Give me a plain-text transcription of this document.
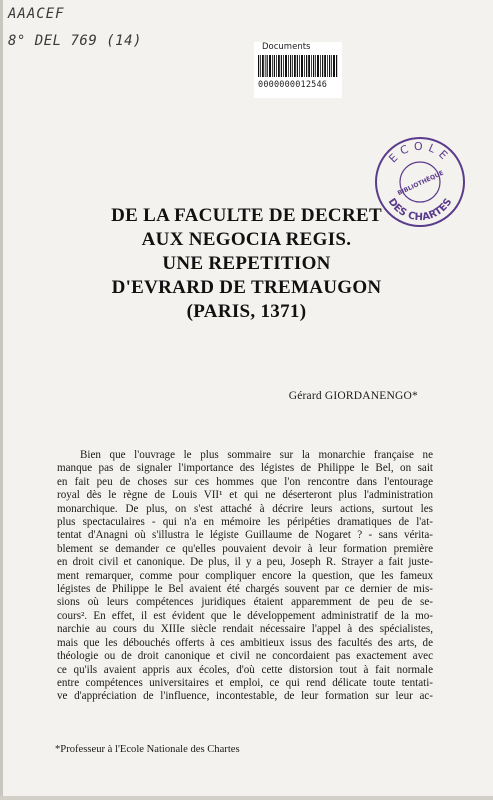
AAACEF
8° DEL 769 (14)	Documents
0000000012546
ECOLE
DES CHARTES
BIBLIOTHÈQUE
DE LA FACULTE DE DECRET
AUX NEGOCIA REGIS.
UNE REPETITION
D'EVRARD DE TREMAUGON
(PARIS, 1371)
Gérard GIORDANENGO*
Bien que l'ouvrage le plus sommaire sur la monarchie française ne
manque pas de signaler l'importance des légistes de Philippe le Bel, on sait
en fait peu de choses sur ces hommes que l'on rencontre dans l'entourage
royal dès le règne de Louis VII¹ et qui ne déserteront plus l'administration
monarchique. De plus, on s'est attaché à décrire leurs actions, surtout les
plus spectaculaires - qui n'a en mémoire les péripéties dramatiques de l'at-
tentat d'Anagni où s'illustra le légiste Guillaume de Nogaret ? - sans vérita-
blement se demander ce qu'elles pouvaient devoir à leur formation première
en droit civil et canonique. De plus, il y a peu, Joseph R. Strayer a fait juste-
ment remarquer, comme pour compliquer encore la question, que les fameux
légistes de Philippe le Bel avaient été chargés souvent par ce dernier de mis-
sions où leurs compétences juridiques étaient apparemment de peu de se-
cours². En effet, il est évident que le développement administratif de la mo-
narchie au cours du XIIIe siècle rendait nécessaire l'appel à des spécialistes,
mais que les débouchés offerts à ces ambitieux issus des facultés des arts, de
théologie ou de droit canonique et civil ne concordaient pas exactement avec
ce qu'ils avaient appris aux écoles, d'où cette distorsion tout à fait normale
entre compétences universitaires et emploi, ce qui rend délicate toute tentati-
ve d'appréciation de l'influence, incontestable, de leur formation sur leur ac-
*Professeur à l'Ecole Nationale des Chartes
